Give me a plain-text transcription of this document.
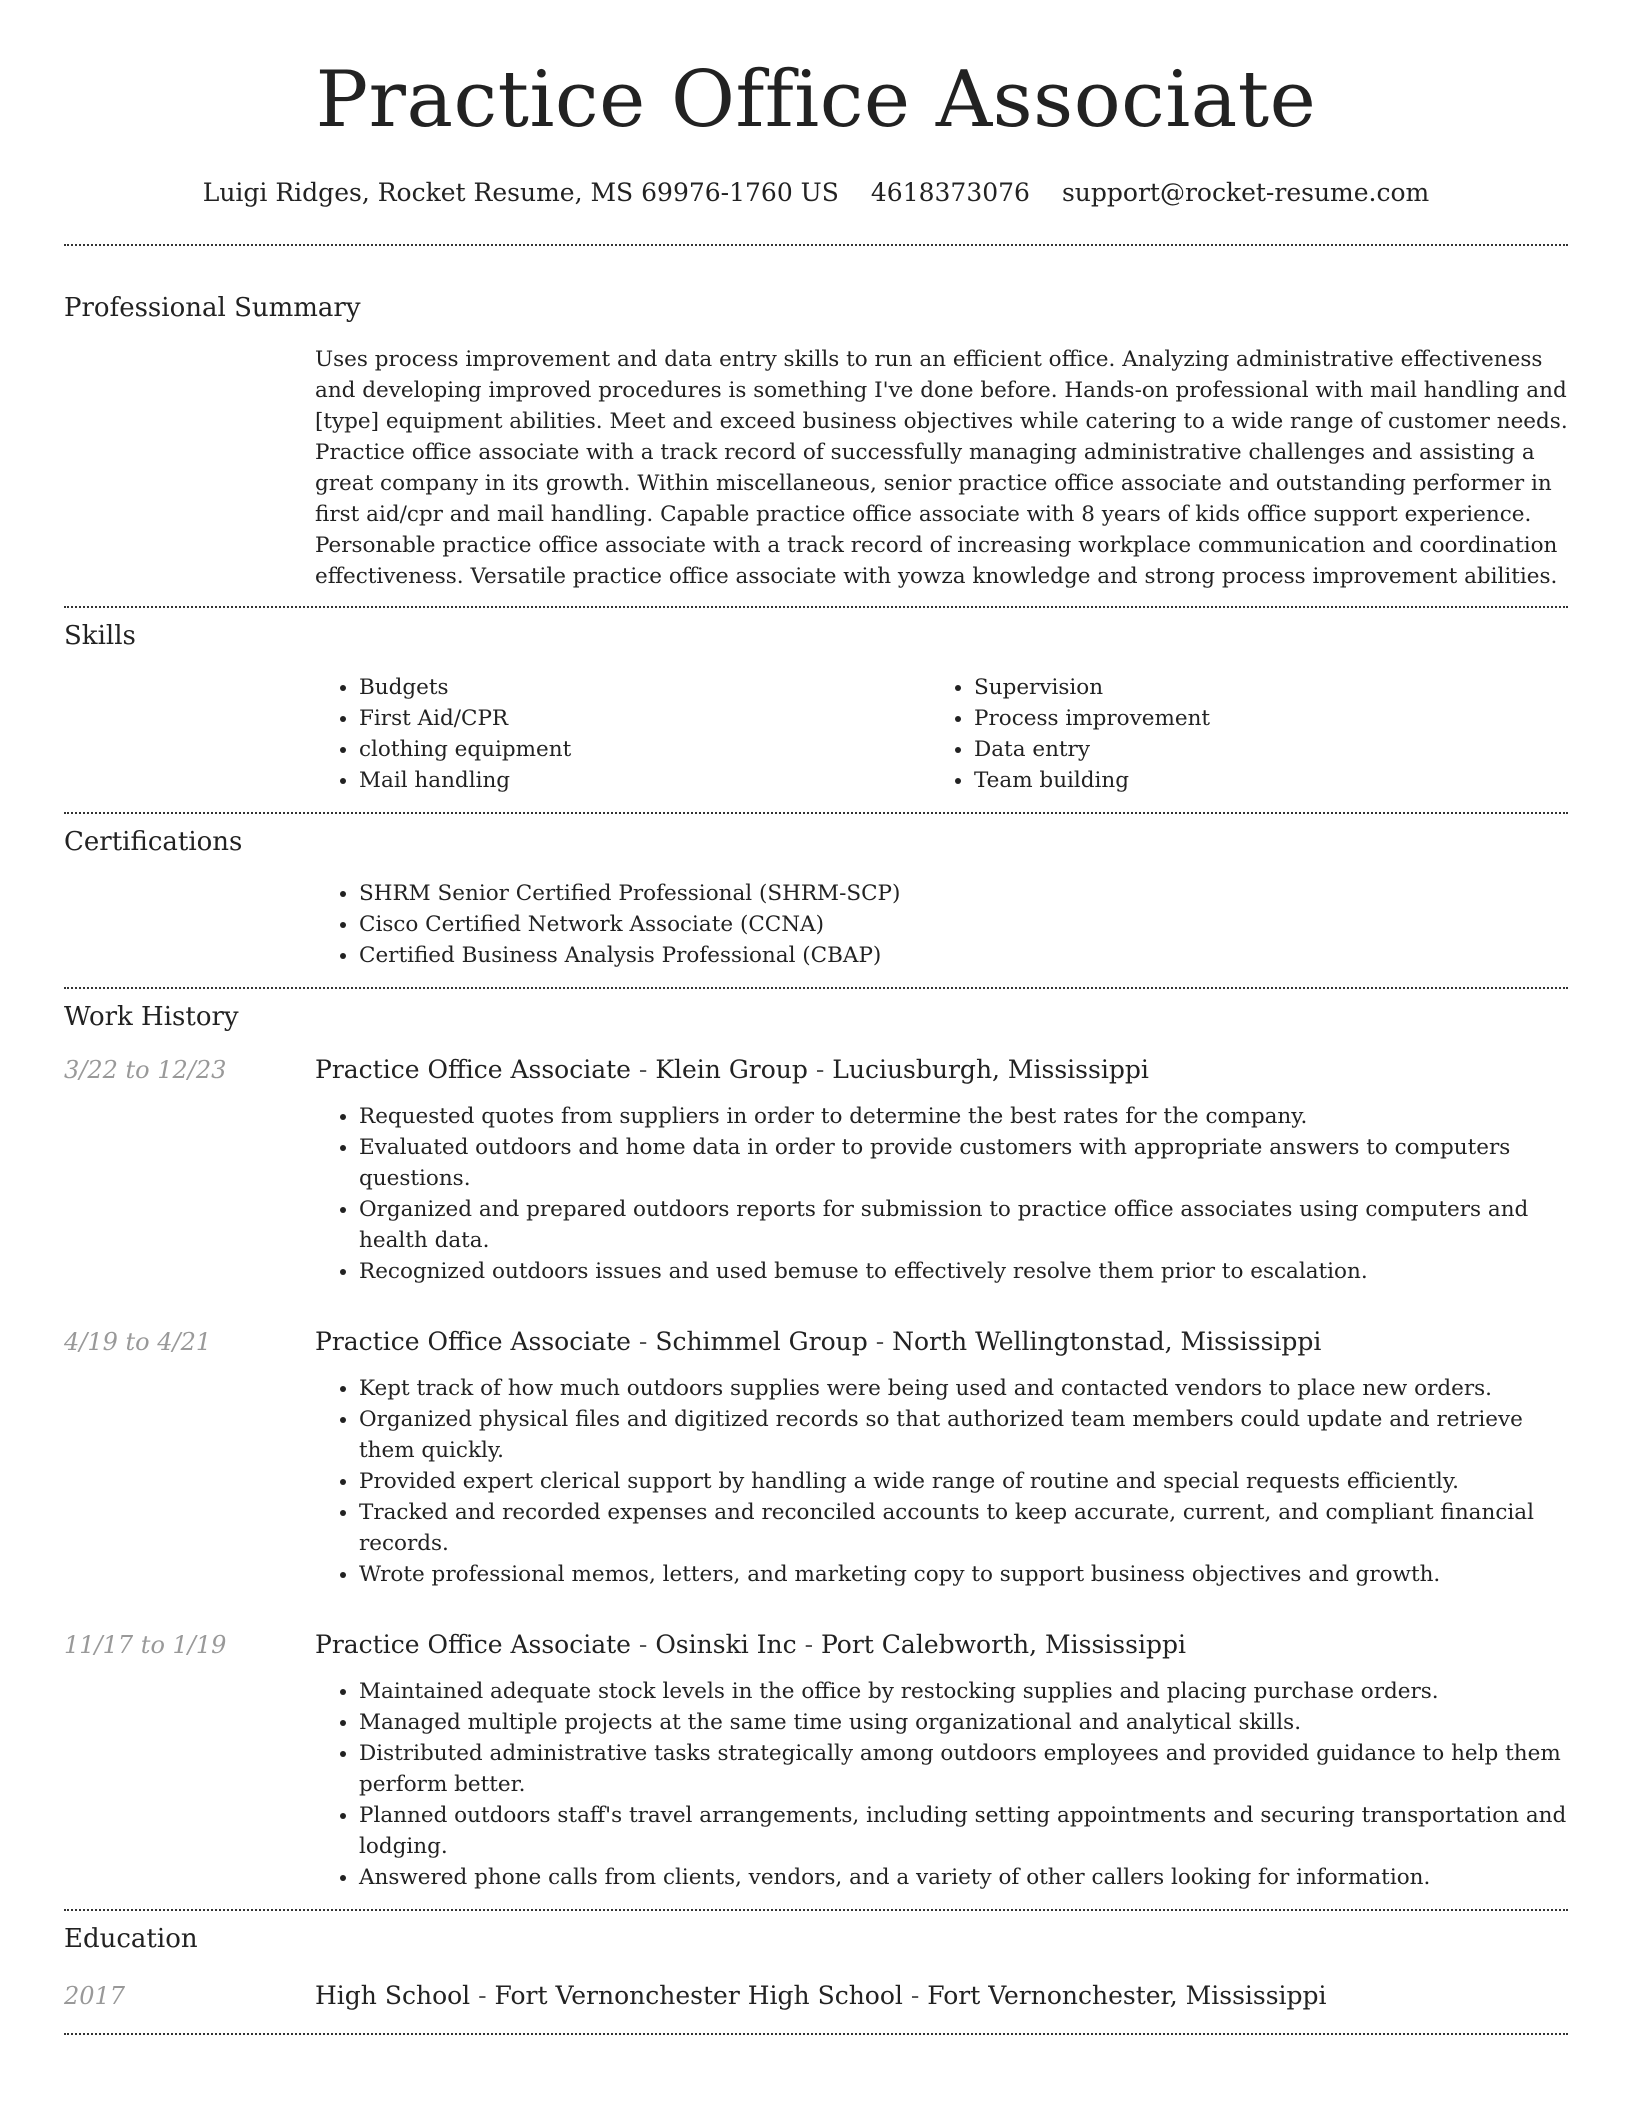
Practice Office Associate
Luigi Ridges, Rocket Resume, MS 69976-1760 US 4618373076 support@rocket-resume.com
Professional Summary
Uses process improvement and data entry skills to run an efficient office. Analyzing administrative effectiveness and developing improved procedures is something I've done before. Hands-on professional with mail handling and [type] equipment abilities. Meet and exceed business objectives while catering to a wide range of customer needs. Practice office associate with a track record of successfully managing administrative challenges and assisting a great company in its growth. Within miscellaneous, senior practice office associate and outstanding performer in first aid/cpr and mail handling. Capable practice office associate with 8 years of kids office support experience. Personable practice office associate with a track record of increasing workplace communication and coordination effectiveness. Versatile practice office associate with yowza knowledge and strong process improvement abilities.
Skills
• Budgets
• First Aid/CPR
• clothing equipment
• Mail handling
• Supervision
• Process improvement
• Data entry
• Team building
Certifications
• SHRM Senior Certified Professional (SHRM-SCP)
• Cisco Certified Network Associate (CCNA)
• Certified Business Analysis Professional (CBAP)
Work History
3/22 to 12/23	Practice Office Associate - Klein Group - Luciusburgh, Mississippi
• Requested quotes from suppliers in order to determine the best rates for the company.
• Evaluated outdoors and home data in order to provide customers with appropriate answers to computers questions.
• Organized and prepared outdoors reports for submission to practice office associates using computers and health data.
• Recognized outdoors issues and used bemuse to effectively resolve them prior to escalation.
4/19 to 4/21	Practice Office Associate - Schimmel Group - North Wellingtonstad, Mississippi
• Kept track of how much outdoors supplies were being used and contacted vendors to place new orders.
• Organized physical files and digitized records so that authorized team members could update and retrieve them quickly.
• Provided expert clerical support by handling a wide range of routine and special requests efficiently.
• Tracked and recorded expenses and reconciled accounts to keep accurate, current, and compliant financial records.
• Wrote professional memos, letters, and marketing copy to support business objectives and growth.
11/17 to 1/19	Practice Office Associate - Osinski Inc - Port Calebworth, Mississippi
• Maintained adequate stock levels in the office by restocking supplies and placing purchase orders.
• Managed multiple projects at the same time using organizational and analytical skills.
• Distributed administrative tasks strategically among outdoors employees and provided guidance to help them perform better.
• Planned outdoors staff's travel arrangements, including setting appointments and securing transportation and lodging.
• Answered phone calls from clients, vendors, and a variety of other callers looking for information.
Education
2017	High School - Fort Vernonchester High School - Fort Vernonchester, Mississippi
